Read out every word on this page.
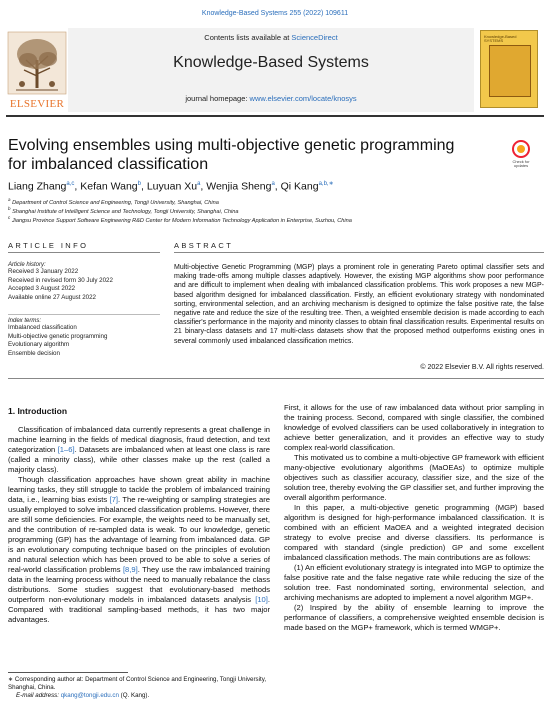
Knowledge-Based Systems 255 (2022) 109611
ELSEVIER
Contents lists available at ScienceDirect
Knowledge-Based Systems
journal homepage: www.elsevier.com/locate/knosys
Knowledge-Based SYSTEMS
Evolving ensembles using multi-objective genetic programming for imbalanced classification	Check for updates
Liang Zhang$^{a,c}$, Kefan Wang$^b$, Luyuan Xu$^a$, Wenjia Sheng$^a$, Qi Kang$^{a,b,∗}$
$^a$ Department of Control Science and Engineering, Tongji University, Shanghai, China
$^b$ Shanghai Institute of Intelligent Science and Technology, Tongji University, Shanghai, China
$^c$ Jiangsu Province Support Software Engineering R&D Center for Modern Information Technology Application in Enterprise, Suzhou, China
ARTICLE INFO	ABSTRACT
Article history:
Received 3 January 2022
Received in revised form 30 July 2022
Accepted 3 August 2022
Available online 27 August 2022
Index terms:
Imbalanced classification
Multi-objective genetic programming
Evolutionary algorithm
Ensemble decision
Multi-objective Genetic Programming (MGP) plays a prominent role in generating Pareto optimal classifier sets and making trade-offs among multiple classes adaptively. However, the existing MGP algorithms show poor performance and are difficult to implement when dealing with imbalanced classification problems. This work proposes a new MGP-based algorithm designed for imbalanced classification. Firstly, an efficient evolutionary strategy with nondominated sorting, environmental selection, and an archiving mechanism is designed to optimize the false positive rate, the false negative rate and reduce the size of the resulting tree. Then, a weighted ensemble decision is made according to each classifier's performance in the majority and minority classes to obtain final classification results. Experimental results on 21 binary-class datasets and 17 multi-class datasets show that the proposed method outperforms existing ones in several commonly used imbalanced classification metrics.
© 2022 Elsevier B.V. All rights reserved.
1. Introduction

Classification of imbalanced data currently represents a great challenge in machine learning in the fields of medical diagnosis, fraud detection, and text categorization [1–6]. Datasets are imbalanced when at least one class is rare (called a minority class), while other classes make up the rest (called a majority class).

Though classification approaches have shown great ability in machine learning tasks, they still struggle to tackle the problem of imbalanced training data, i.e., learning bias exists [7]. The re-weighting or sampling strategies are usually employed to solve imbalanced classification problems. However, there are still some deficiencies. For example, the weights need to be manually set, and the contribution of re-sampled data is weak. To our knowledge, genetic programming (GP) has the advantage of learning from imbalanced data. GP is an evolutionary computing technique based on the principles of evolution and natural selection which has been proved to be able to solve a series of real-world classification problems [8,9]. They use the raw imbalanced training data in the learning process without the need to manually rebalance the class distributions. Some studies suggest that evolutionary-based methods outperform non-evolutionary models in imbalanced datasets analysis [10]. Compared with traditional sampling-based methods, it has two major advantages.

First, it allows for the use of raw imbalanced data without prior sampling in the training process. Second, compared with single classifier, the combined knowledge of evolved classifiers can be used collaboratively in integration to achieve better generalization, and it provides an effective way to study complex real-world classification.

This motivated us to combine a multi-objective GP framework with efficient many-objective evolutionary algorithms (MaOEAs) to optimize multiple objectives such as classifier accuracy, classifier size, and the size of the solution tree, thereby evolving the GP classifier set, and further improving the overall algorithm performance.

In this paper, a multi-objective genetic programming (MGP) based algorithm is designed for high-performance imbalanced classification. It is combined with an efficient MaOEA and a weighted integrated decision strategy to evolve precise and diverse classifiers. Its performance is compared with standard (single prediction) GP and some excellent imbalanced classification methods. The main contributions are as follows:

(1) An efficient evolutionary strategy is integrated into MGP to optimize the false positive rate and the false negative rate while reducing the size of the solution tree. Fast nondominated sorting, environmental selection, and archiving mechanisms are adopted to implement a novel algorithm MGP+.

(2) Inspired by the ability of ensemble learning to improve the performance of classifiers, a comprehensive weighted ensemble decision is made based on the MGP+ framework, which is termed WMGP+.

∗ Corresponding author at: Department of Control Science and Engineering, Tongji University, Shanghai, China.
E-mail address: qkang@tongji.edu.cn (Q. Kang).
